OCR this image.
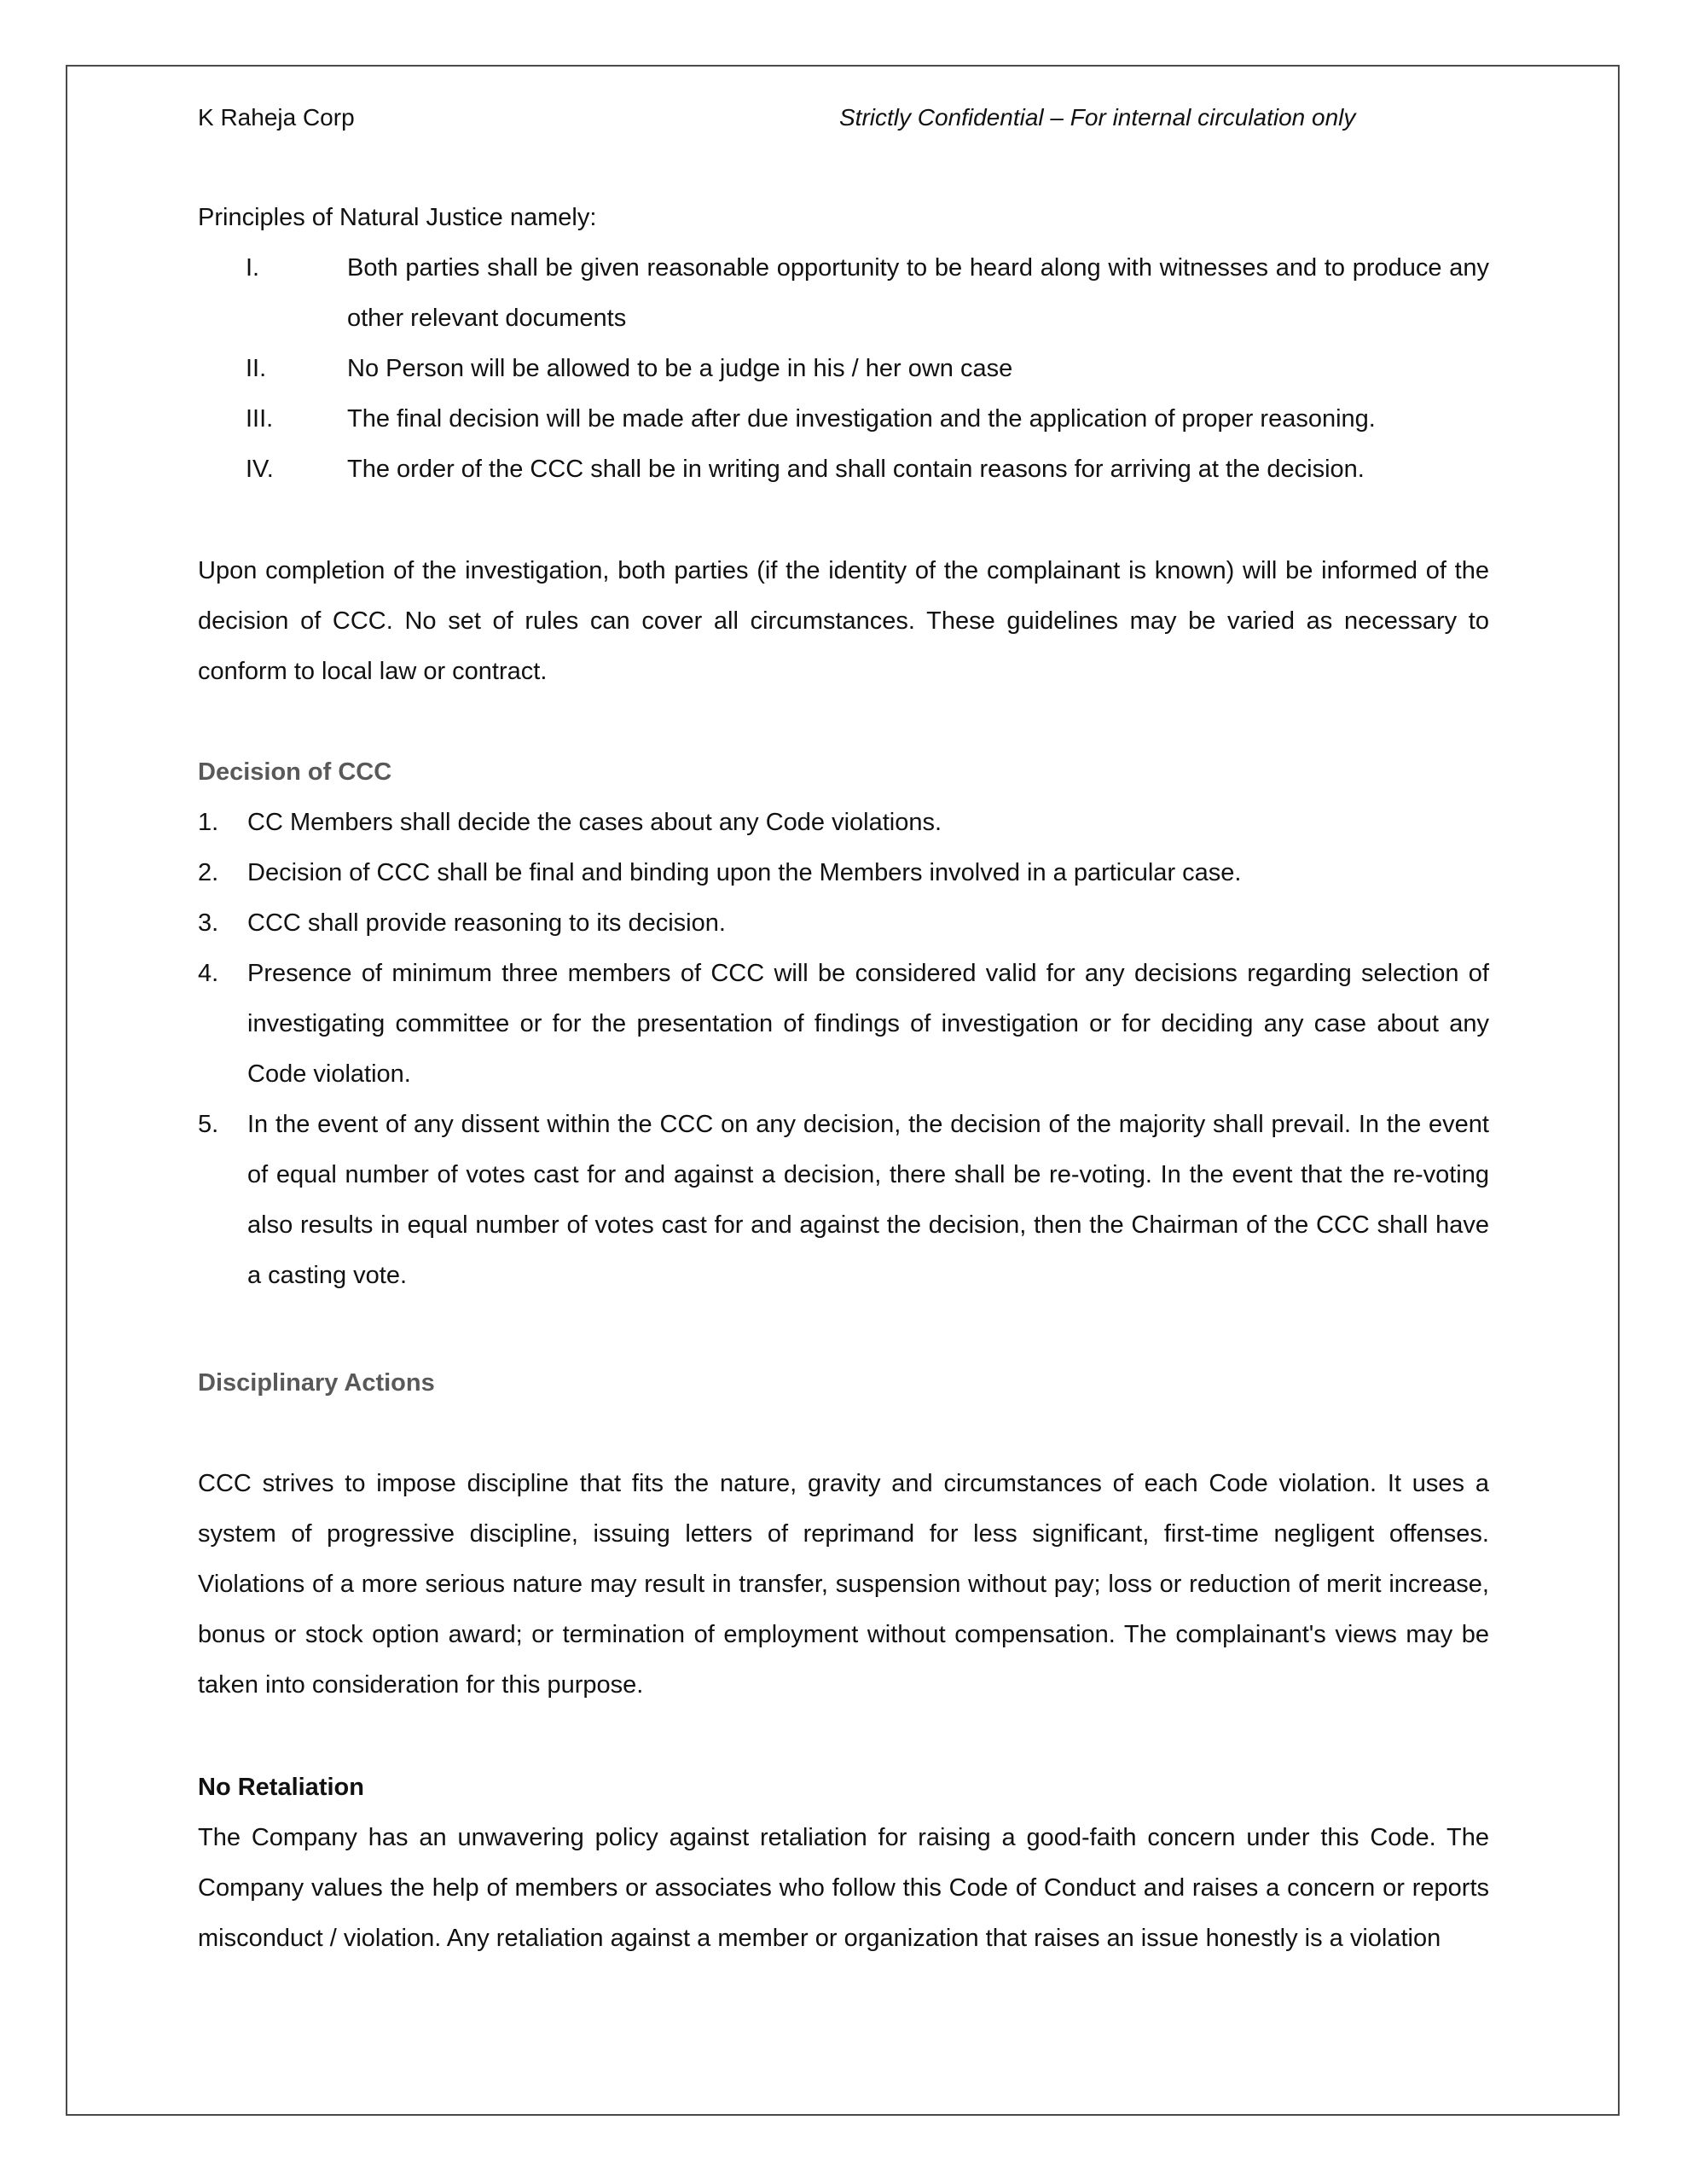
K Raheja Corp	Strictly Confidential – For internal circulation only

Principles of Natural Justice namely:

I.	Both parties shall be given reasonable opportunity to be heard along with witnesses and to produce any other relevant documents
II.	No Person will be allowed to be a judge in his / her own case
III.	The final decision will be made after due investigation and the application of proper reasoning.
IV.	The order of the CCC shall be in writing and shall contain reasons for arriving at the decision.

Upon completion of the investigation, both parties (if the identity of the complainant is known) will be informed of the decision of CCC. No set of rules can cover all circumstances. These guidelines may be varied as necessary to conform to local law or contract.

Decision of CCC

1. CC Members shall decide the cases about any Code violations.
2. Decision of CCC shall be final and binding upon the Members involved in a particular case.
3. CCC shall provide reasoning to its decision.
4. Presence of minimum three members of CCC will be considered valid for any decisions regarding selection of investigating committee or for the presentation of findings of investigation or for deciding any case about any Code violation.
5. In the event of any dissent within the CCC on any decision, the decision of the majority shall prevail. In the event of equal number of votes cast for and against a decision, there shall be re-voting. In the event that the re-voting also results in equal number of votes cast for and against the decision, then the Chairman of the CCC shall have a casting vote.

Disciplinary Actions

CCC strives to impose discipline that fits the nature, gravity and circumstances of each Code violation. It uses a system of progressive discipline, issuing letters of reprimand for less significant, first-time negligent offenses. Violations of a more serious nature may result in transfer, suspension without pay; loss or reduction of merit increase, bonus or stock option award; or termination of employment without compensation. The complainant's views may be taken into consideration for this purpose.

No Retaliation

The Company has an unwavering policy against retaliation for raising a good-faith concern under this Code. The Company values the help of members or associates who follow this Code of Conduct and raises a concern or reports misconduct / violation. Any retaliation against a member or organization that raises an issue honestly is a violation
